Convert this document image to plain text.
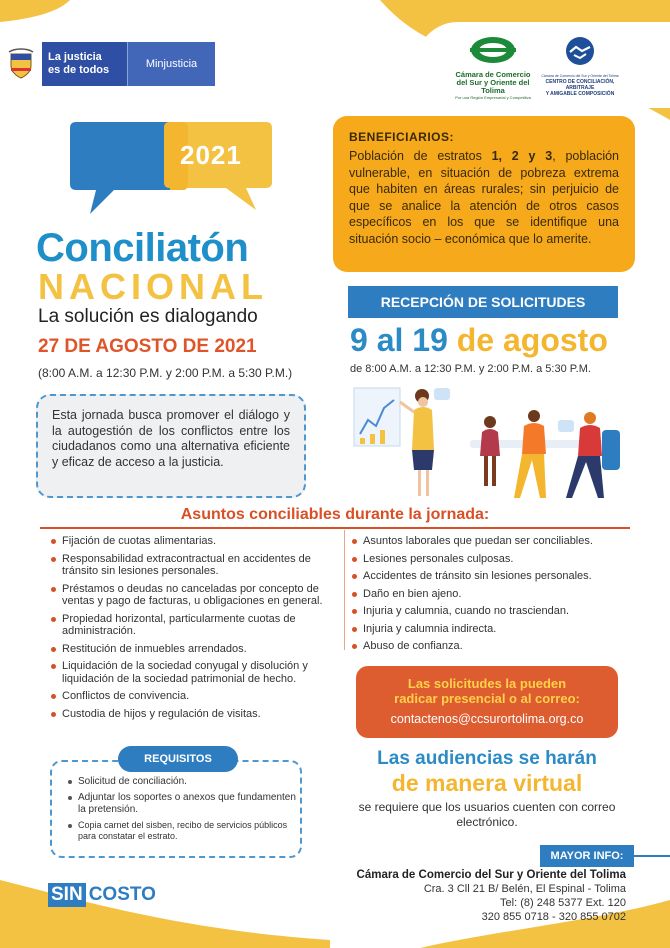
La justicia
es de todos	Minjusticia
Cámara de Comercio
del Sur y Oriente del Tolima
Por una Región Empresarial y Competitiva
Cámara de Comercio del Sur y Oriente del Tolima
CENTRO DE CONCILIACIÓN, ARBITRAJE
Y AMIGABLE COMPOSICIÓN
2021
Conciliatón
NACIONAL
La solución es dialogando
27 DE AGOSTO DE 2021
(8:00 A.M. a 12:30 P.M. y 2:00 P.M. a 5:30 P.M.)
Esta jornada busca promover el diálogo y la autogestión de los conflictos entre los ciudadanos como una alternativa eficiente y eficaz de acceso a la justicia.
BENEFICIARIOS:

Población de estratos 1, 2 y 3, población vulnerable, en situación de pobreza extrema que habiten en áreas rurales; sin perjuicio de que se analice la atención de otros casos específicos en los que se identifique una situación socio – económica que lo amerite.

RECEPCIÓN DE SOLICITUDES
9 al 19 de agosto
de 8:00 A.M. a 12:30 P.M. y 2:00 P.M. a 5:30 P.M.
Asuntos conciliables durante la jornada:
Fijación de cuotas alimentarias.
Responsabilidad extracontractual en accidentes de tránsito sin lesiones personales.
Préstamos o deudas no canceladas por concepto de ventas y pago de facturas, u obligaciones en general.
Propiedad horizontal, particularmente cuotas de administración.
Restitución de inmuebles arrendados.
Liquidación de la sociedad conyugal y disolución y liquidación de la sociedad patrimonial de hecho.
Conflictos de convivencia.
Custodia de hijos y regulación de visitas.
Asuntos laborales que puedan ser conciliables.
Lesiones personales culposas.
Accidentes de tránsito sin lesiones personales.
Daño en bien ajeno.
Injuria y calumnia, cuando no trasciendan.
Injuria y calumnia indirecta.
Abuso de confianza.
REQUISITOS
Solicitud de conciliación.
Adjuntar los soportes o anexos que fundamenten la pretensión.
Copia carnet del sisben, recibo de servicios públicos para constatar el estrato.
Las solicitudes la pueden
radicar presencial o al correo:
contactenos@ccsurortolima.org.co
Las audiencias se harán
de manera virtual
se requiere que los usuarios cuenten con correo electrónico.
MAYOR INFO:
Cámara de Comercio del Sur y Oriente del Tolima
Cra. 3 Cll 21 B/ Belén, El Espinal - Tolima
Tel: (8) 248 5377 Ext. 120
320 855 0718 - 320 855 0702
SIN COSTO
